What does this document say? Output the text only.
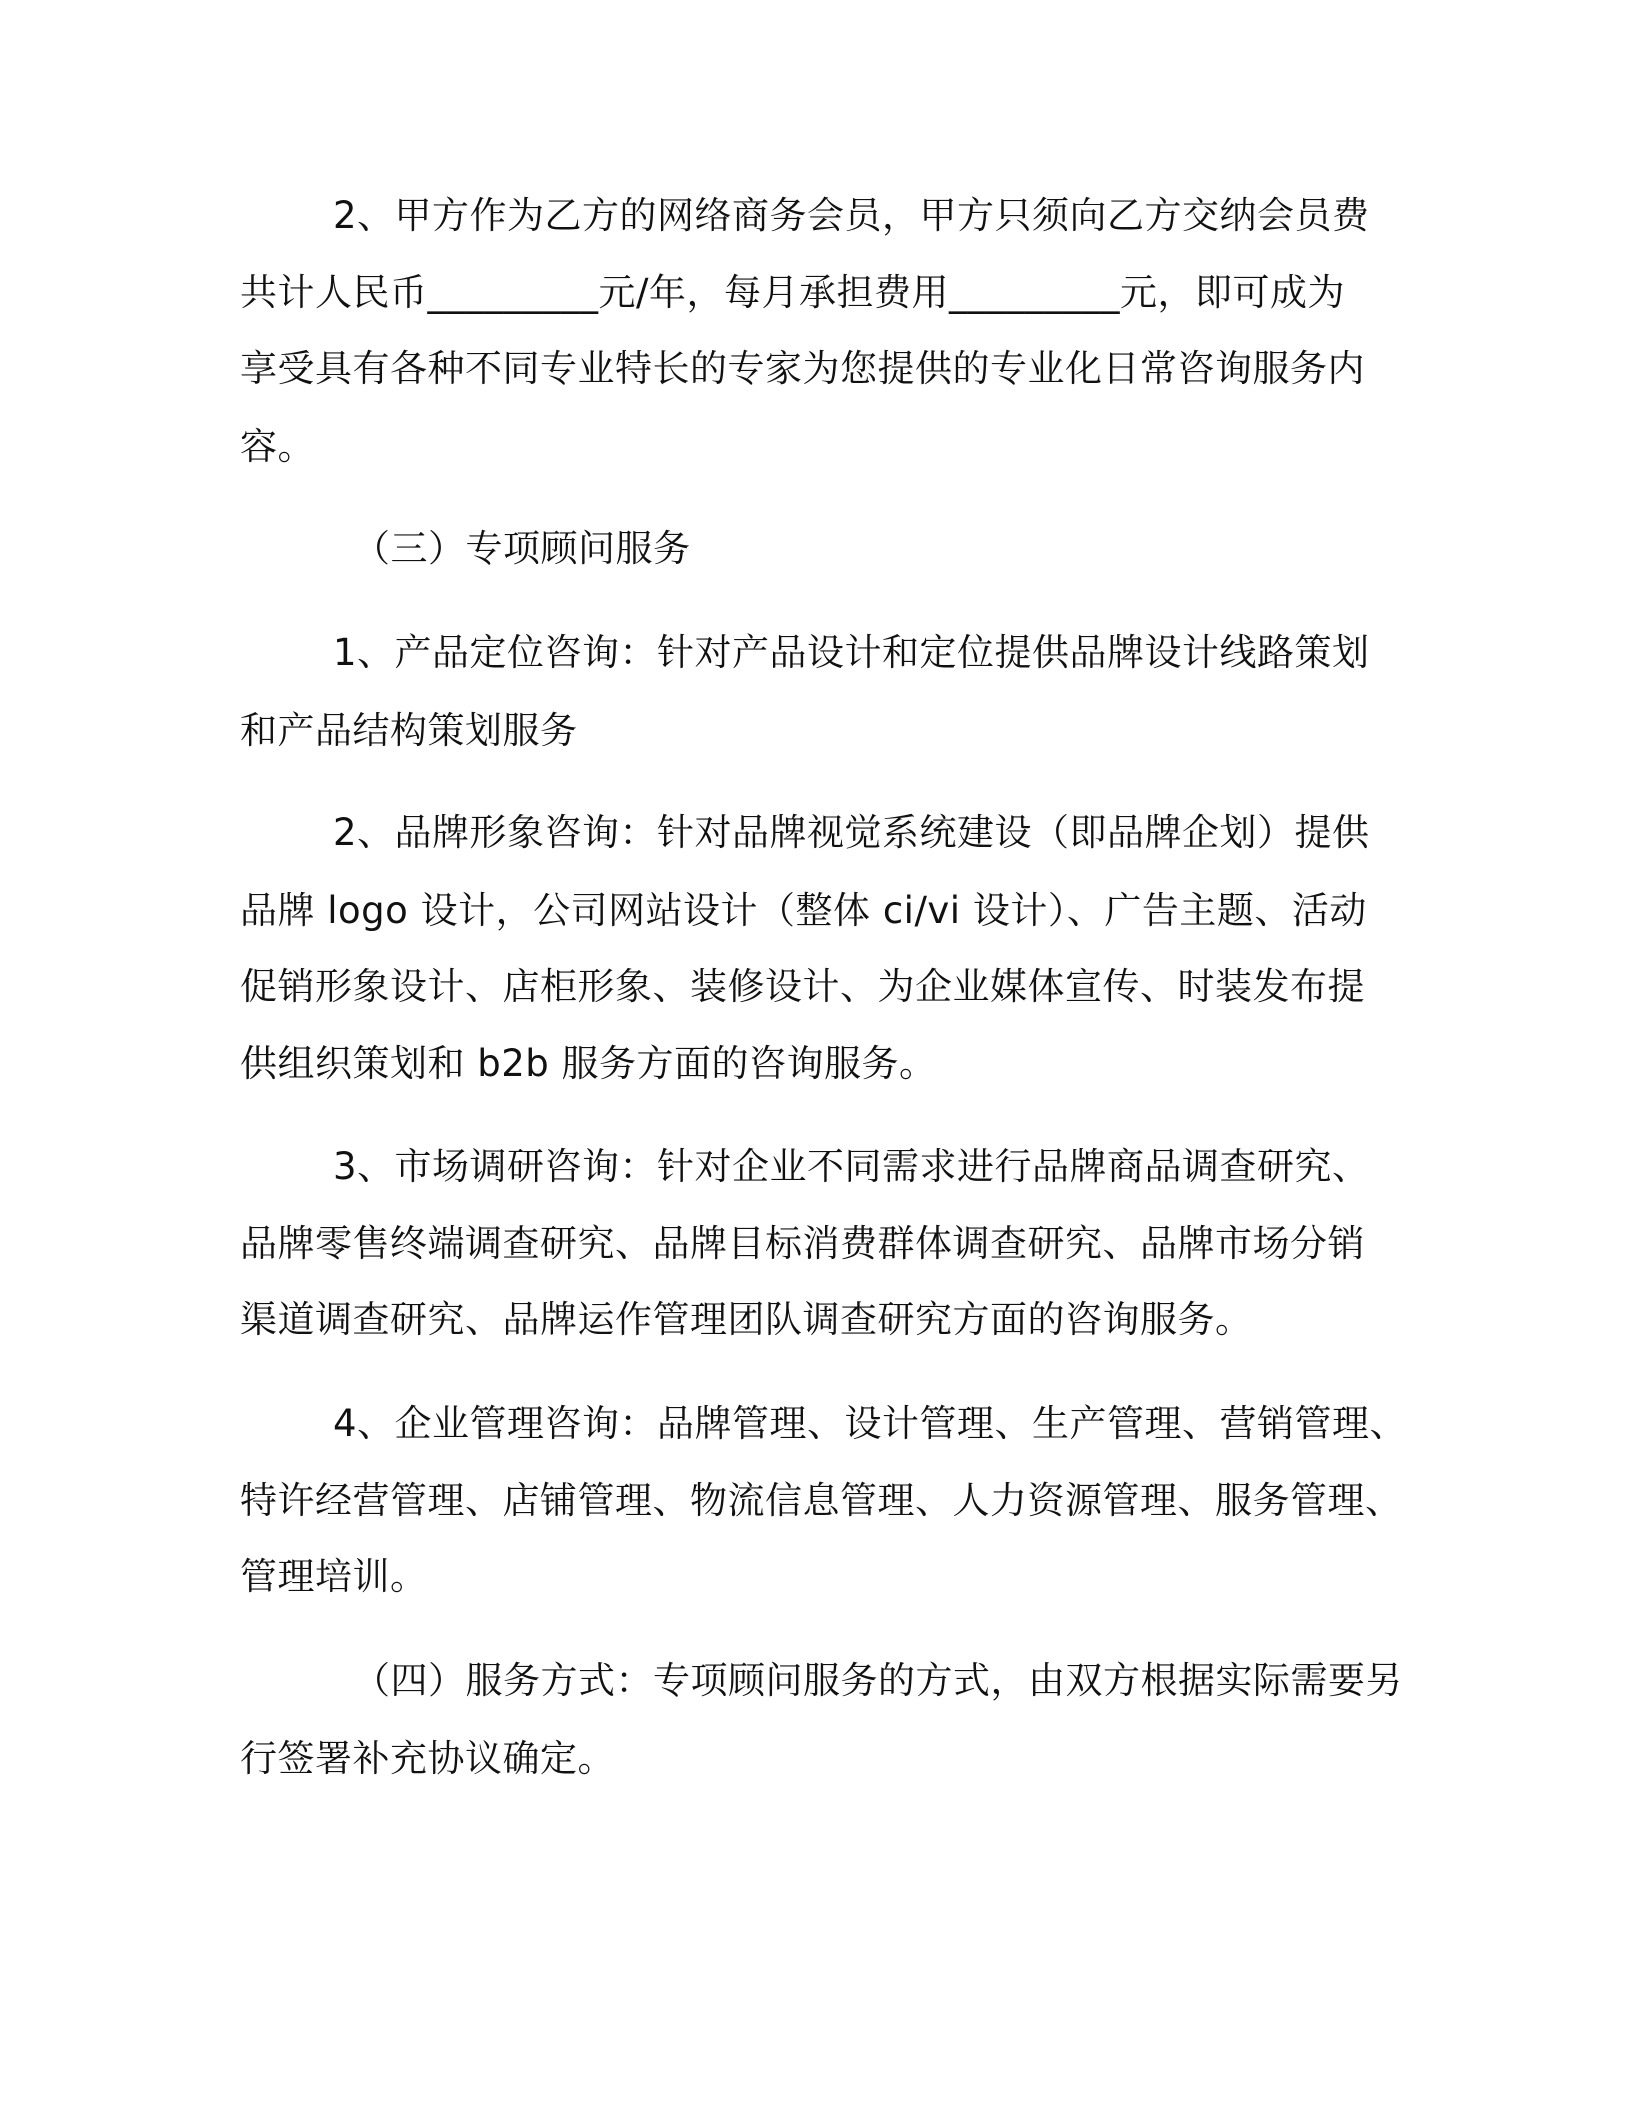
2、甲方作为乙方的网络商务会员，甲方只须向乙方交纳会员费
共计人民币_________元/年，每月承担费用_________元，即可成为
享受具有各种不同专业特长的专家为您提供的专业化日常咨询服务内
容。
（三）专项顾问服务
1、产品定位咨询：针对产品设计和定位提供品牌设计线路策划
和产品结构策划服务
2、品牌形象咨询：针对品牌视觉系统建设（即品牌企划）提供
品牌 logo 设计，公司网站设计（整体 ci/vi 设计）、广告主题、活动
促销形象设计、店柜形象、装修设计、为企业媒体宣传、时装发布提
供组织策划和 b2b 服务方面的咨询服务。
3、市场调研咨询：针对企业不同需求进行品牌商品调查研究、
品牌零售终端调查研究、品牌目标消费群体调查研究、品牌市场分销
渠道调查研究、品牌运作管理团队调查研究方面的咨询服务。
4、企业管理咨询：品牌管理、设计管理、生产管理、营销管理、
特许经营管理、店铺管理、物流信息管理、人力资源管理、服务管理、
管理培训。
（四）服务方式：专项顾问服务的方式，由双方根据实际需要另
行签署补充协议确定。
